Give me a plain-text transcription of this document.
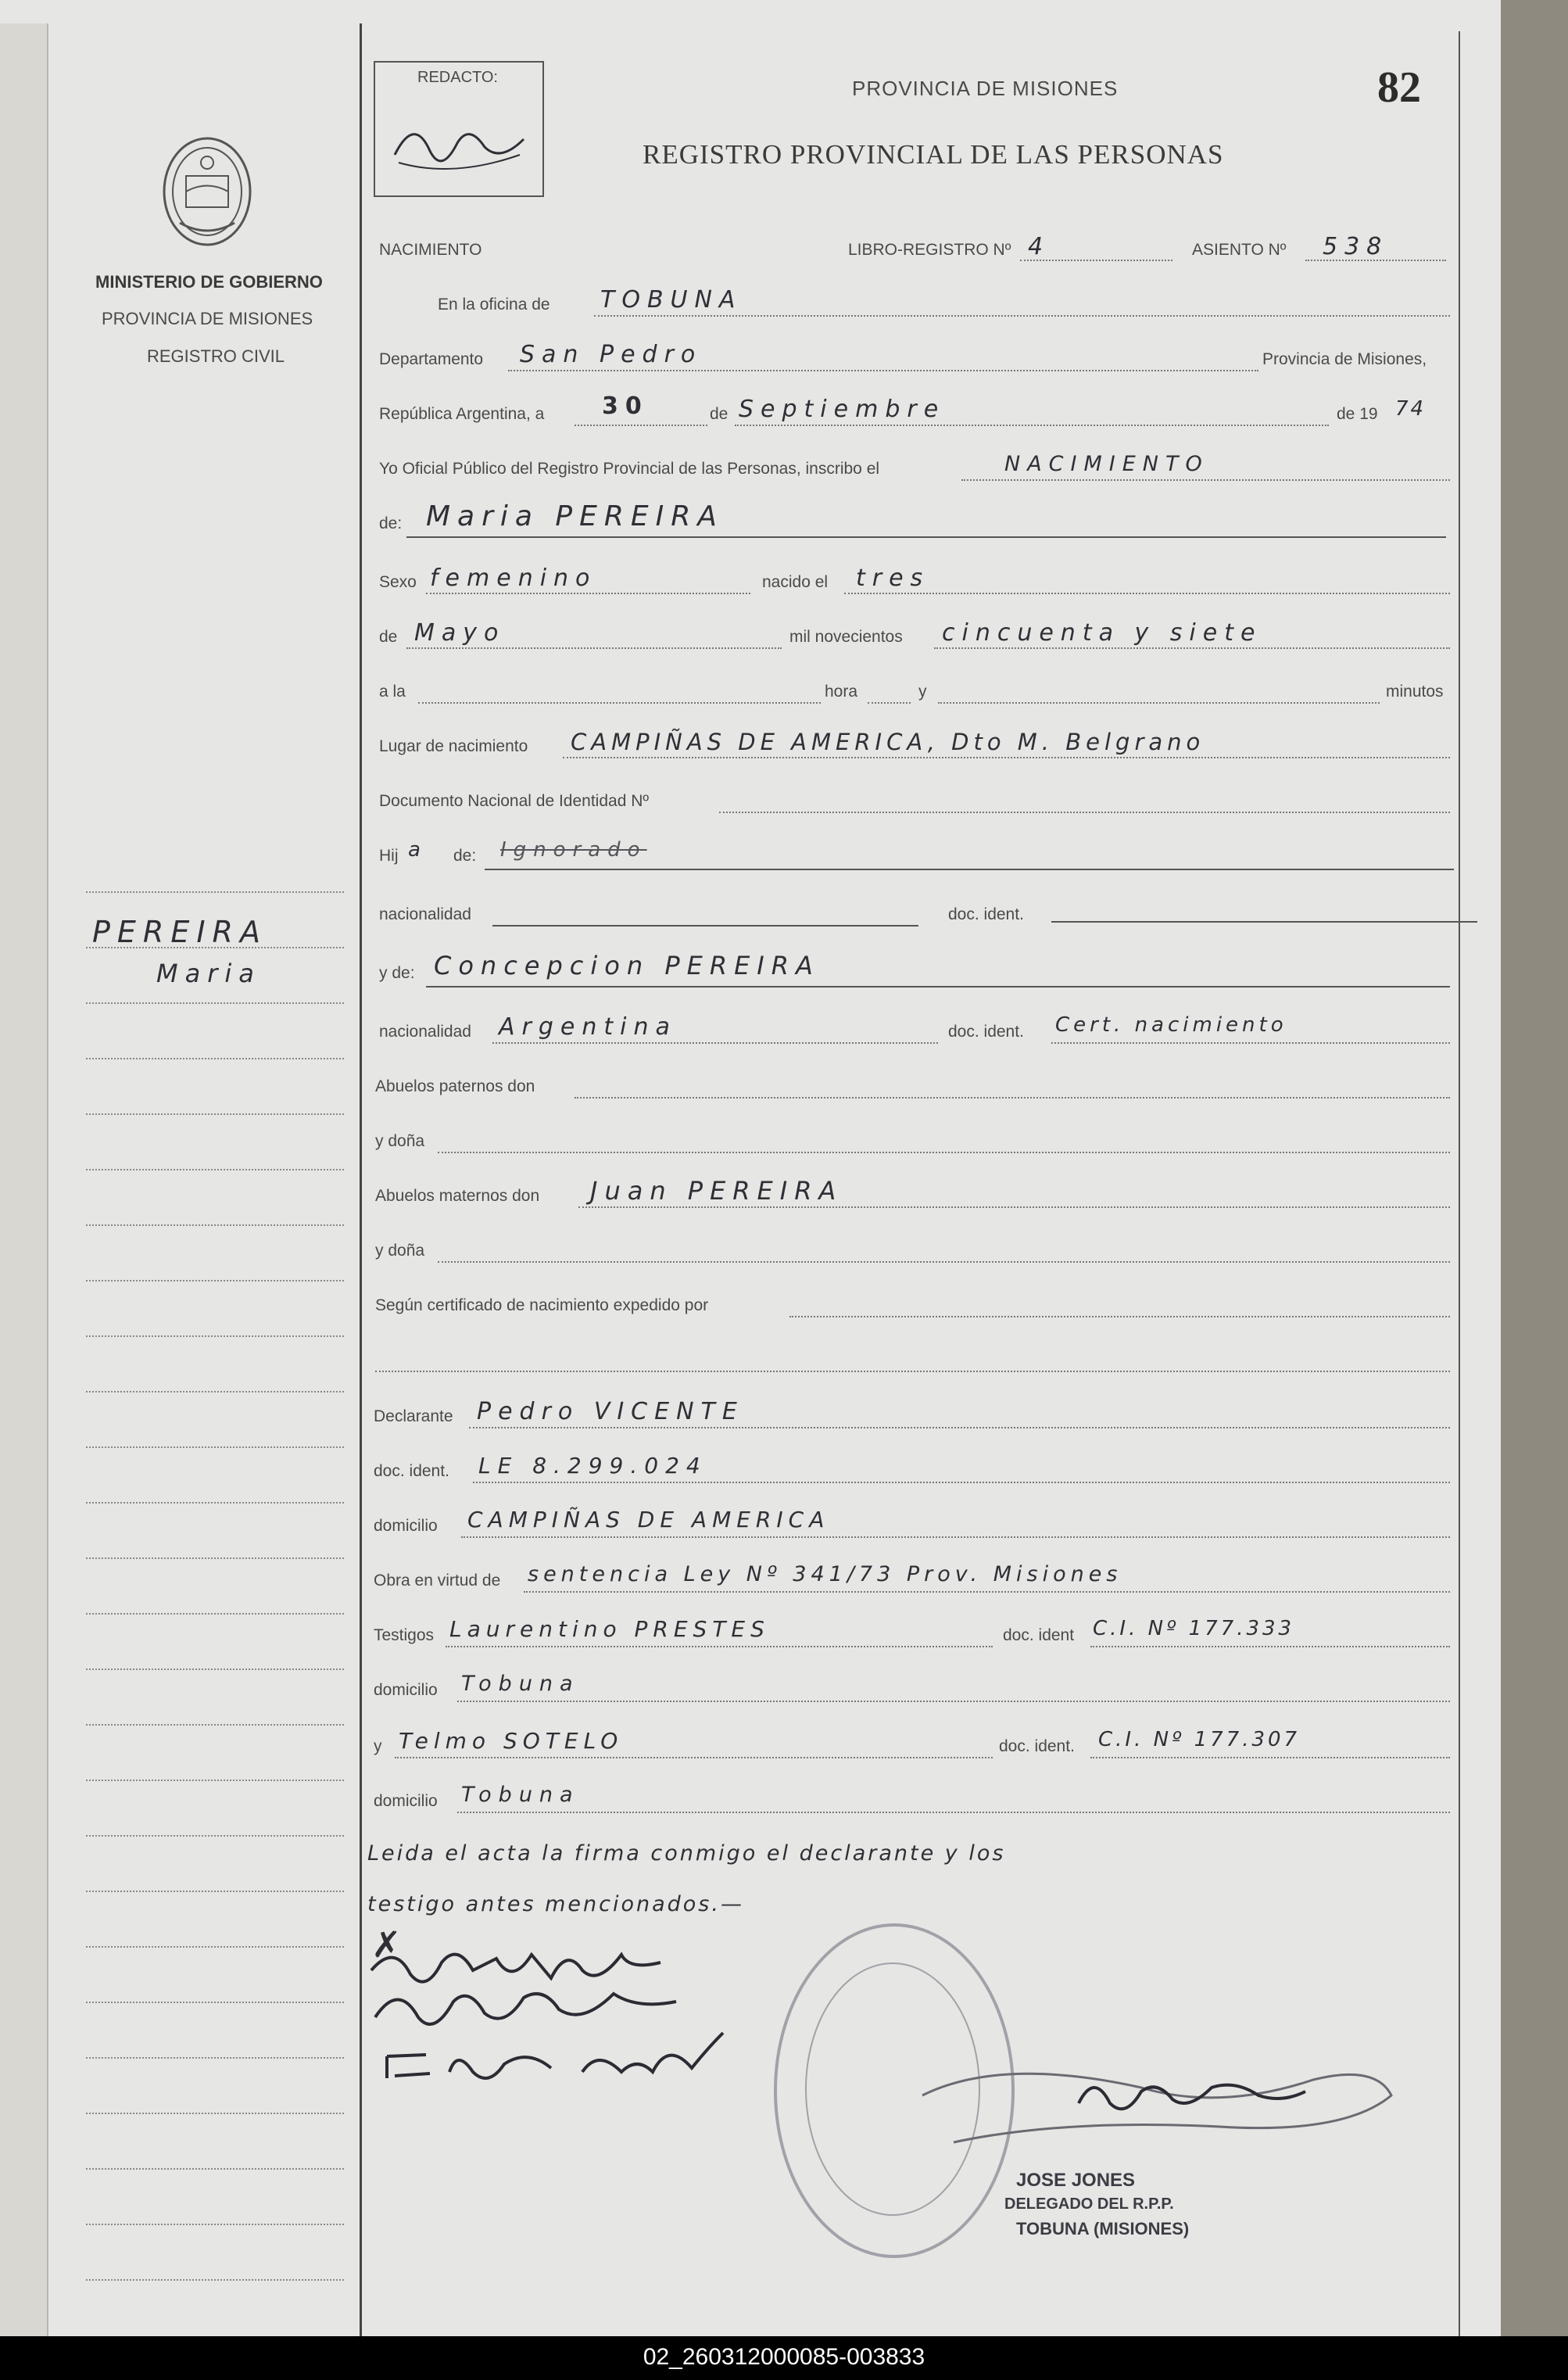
MINISTERIO DE GOBIERNO
PROVINCIA DE MISIONES
REGISTRO CIVIL
PEREIRA
Maria
✗
REDACTO:	PROVINCIA DE MISIONES
REGISTRO PROVINCIAL DE LAS PERSONAS
82
NACIMIENTO	LIBRO-REGISTRO Nº 4	ASIENTO Nº 538
En la oficina de TOBUNA
Departamento San Pedro	Provincia de Misiones,
República Argentina, a 30	de Septiembre	de 19 74
Yo Oficial Público del Registro Provincial de las Personas, inscribo el	NACIMIENTO
de: Maria PEREIRA
Sexo femenino	nacido el tres
de Mayo	mil novecientos cincuenta y siete
a la	hora	y	minutos
Lugar de nacimiento CAMPIÑAS DE AMERICA, Dto M. Belgrano
Documento Nacional de Identidad Nº
Hij a de: Ignorado
nacionalidad	doc. ident.
y de: Concepcion PEREIRA
nacionalidad Argentina	doc. ident. Cert. nacimiento
Abuelos paternos don
y doña
Abuelos maternos don Juan PEREIRA
y doña
Según certificado de nacimiento expedido por
Declarante Pedro VICENTE
doc. ident. LE 8.299.024
domicilio CAMPIÑAS DE AMERICA
Obra en virtud de sentencia Ley Nº 341/73 Prov. Misiones
Testigos Laurentino PRESTES	doc. ident C.I. Nº 177.333
domicilio Tobuna
y Telmo SOTELO	doc. ident. C.I. Nº 177.307
domicilio Tobuna
Leida el acta la firma conmigo el declarante y los
testigo antes mencionados.—
JOSE JONES
DELEGADO DEL R.P.P.
TOBUNA (MISIONES)
02_260312000085-003833
